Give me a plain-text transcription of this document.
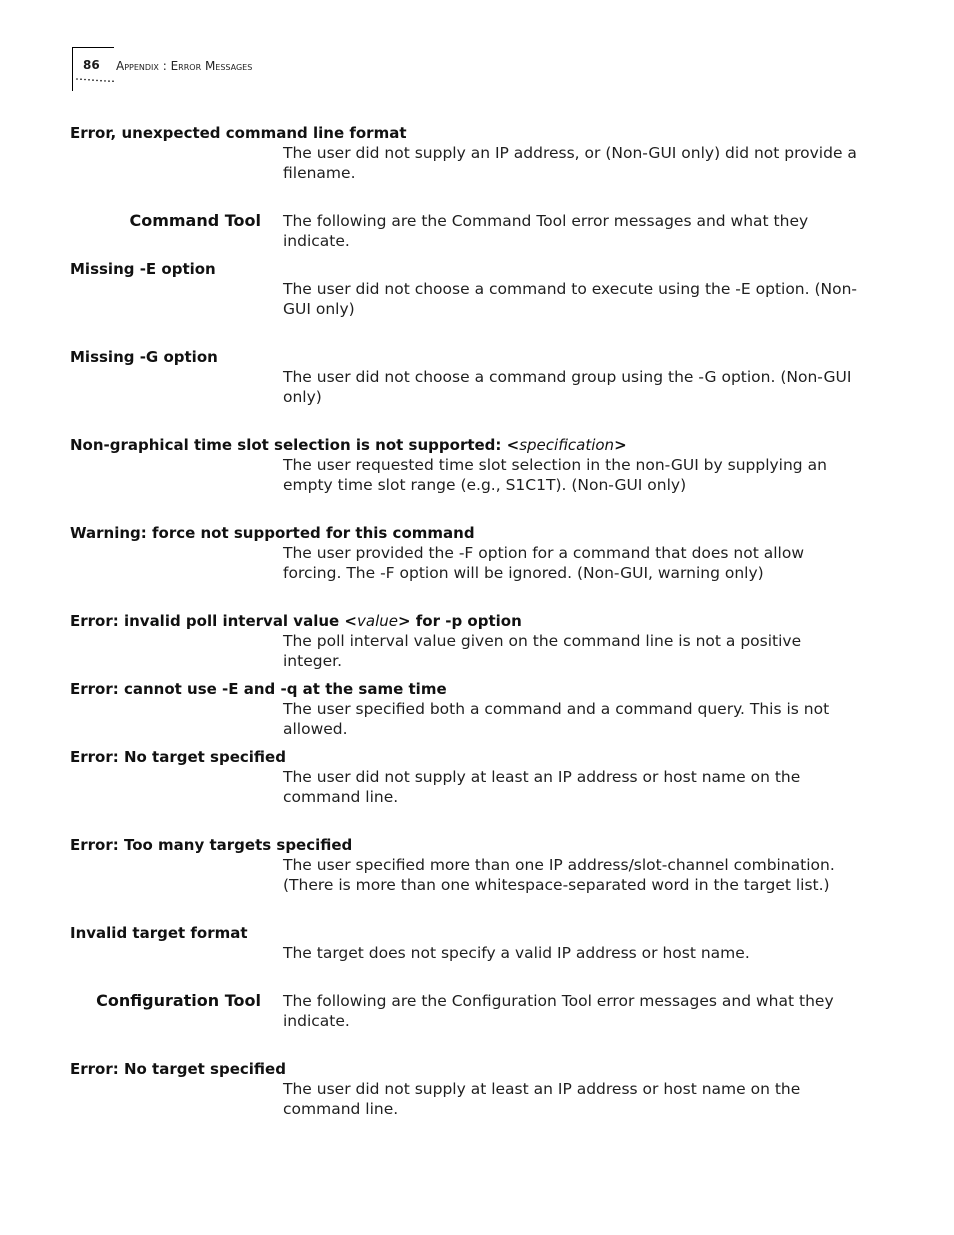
86 Appendix : Error Messages
Error, unexpected command line format

The user did not supply an IP address, or (Non-GUI only) did not provide a filename.

Command Tool The following are the Command Tool error messages and what they indicate.

Missing -E option

The user did not choose a command to execute using the -E option. (Non-GUI only)

Missing -G option

The user did not choose a command group using the -G option. (Non-GUI only)

Non-graphical time slot selection is not supported: <specification>

The user requested time slot selection in the non-GUI by supplying an empty time slot range (e.g., S1C1T). (Non-GUI only)

Warning: force not supported for this command

The user provided the -F option for a command that does not allow forcing. The -F option will be ignored. (Non-GUI, warning only)

Error: invalid poll interval value <value> for -p option

The poll interval value given on the command line is not a positive integer.

Error: cannot use -E and -q at the same time

The user specified both a command and a command query. This is not allowed.

Error: No target specified

The user did not supply at least an IP address or host name on the command line.

Error: Too many targets specified

The user specified more than one IP address/slot-channel combination. (There is more than one whitespace-separated word in the target list.)

Invalid target format

The target does not specify a valid IP address or host name.

Configuration Tool The following are the Configuration Tool error messages and what they indicate.

Error: No target specified

The user did not supply at least an IP address or host name on the command line.
